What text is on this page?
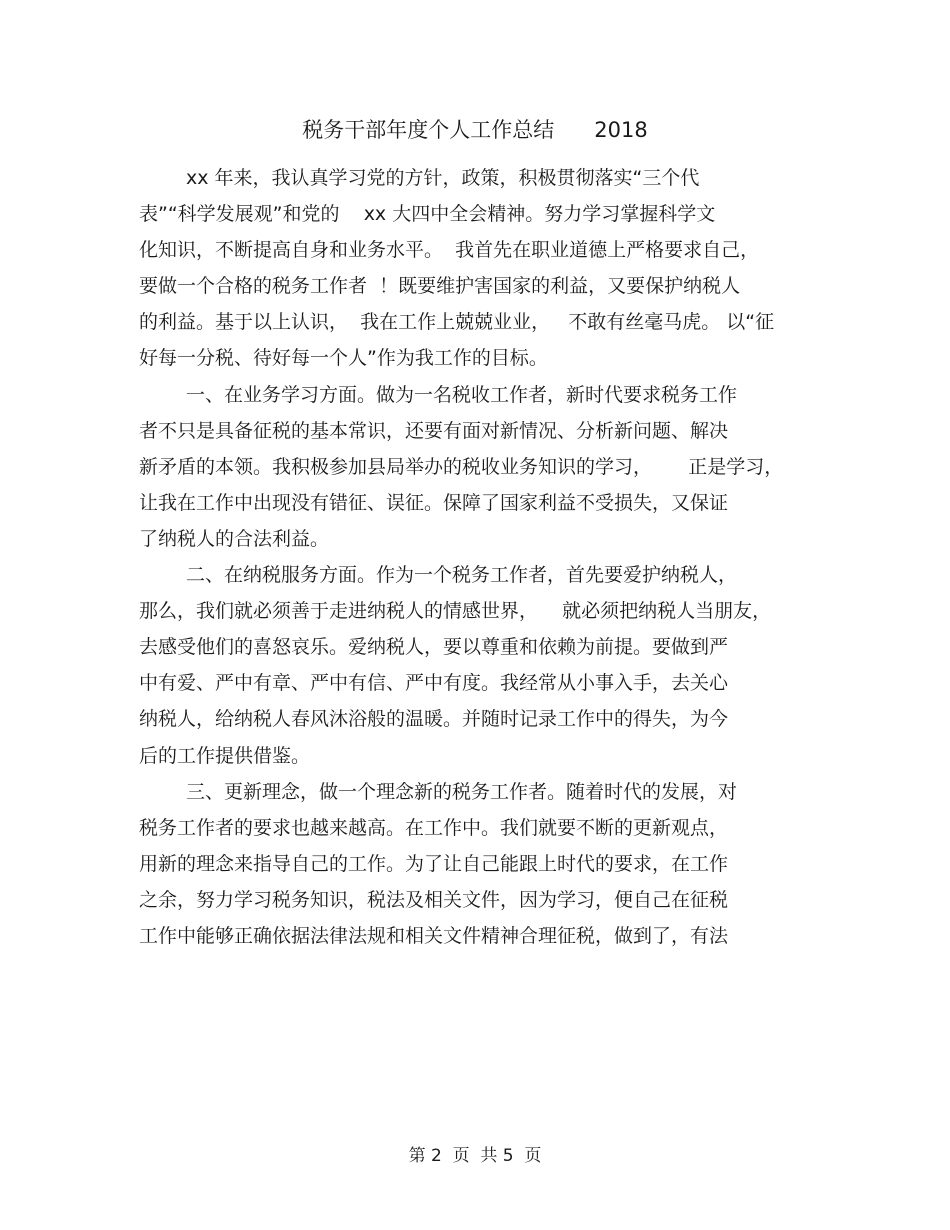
税务干部年度个人工作总结      2018
xx 年来，我认真学习党的方针，政策，积极贯彻落实“三个代
表”“科学发展观”和党的    xx 大四中全会精神。努力学习掌握科学文
化知识，不断提高自身和业务水平。  我首先在职业道德上严格要求自己，
要做一个合格的税务工作者  ！既要维护害国家的利益，又要保护纳税人
的利益。基于以上认识，  我在工作上兢兢业业，   不敢有丝毫马虎。 以“征
好每一分税、待好每一个人”作为我工作的目标。
一、在业务学习方面。做为一名税收工作者，新时代要求税务工作
者不只是具备征税的基本常识，还要有面对新情况、分析新问题、解决
新矛盾的本领。我积极参加县局举办的税收业务知识的学习，      正是学习，
让我在工作中出现没有错征、误征。保障了国家利益不受损失，又保证
了纳税人的合法利益。
二、在纳税服务方面。作为一个税务工作者，首先要爱护纳税人，
那么，我们就必须善于走进纳税人的情感世界，    就必须把纳税人当朋友，
去感受他们的喜怒哀乐。爱纳税人，要以尊重和依赖为前提。要做到严
中有爱、严中有章、严中有信、严中有度。我经常从小事入手，去关心
纳税人，给纳税人春风沐浴般的温暖。并随时记录工作中的得失，为今
后的工作提供借鉴。
三、更新理念，做一个理念新的税务工作者。随着时代的发展，对
税务工作者的要求也越来越高。在工作中。我们就要不断的更新观点，
用新的理念来指导自己的工作。为了让自己能跟上时代的要求，在工作
之余，努力学习税务知识，税法及相关文件，因为学习，便自己在征税
工作中能够正确依据法律法规和相关文件精神合理征税，做到了，有法
第 2  页  共 5  页
